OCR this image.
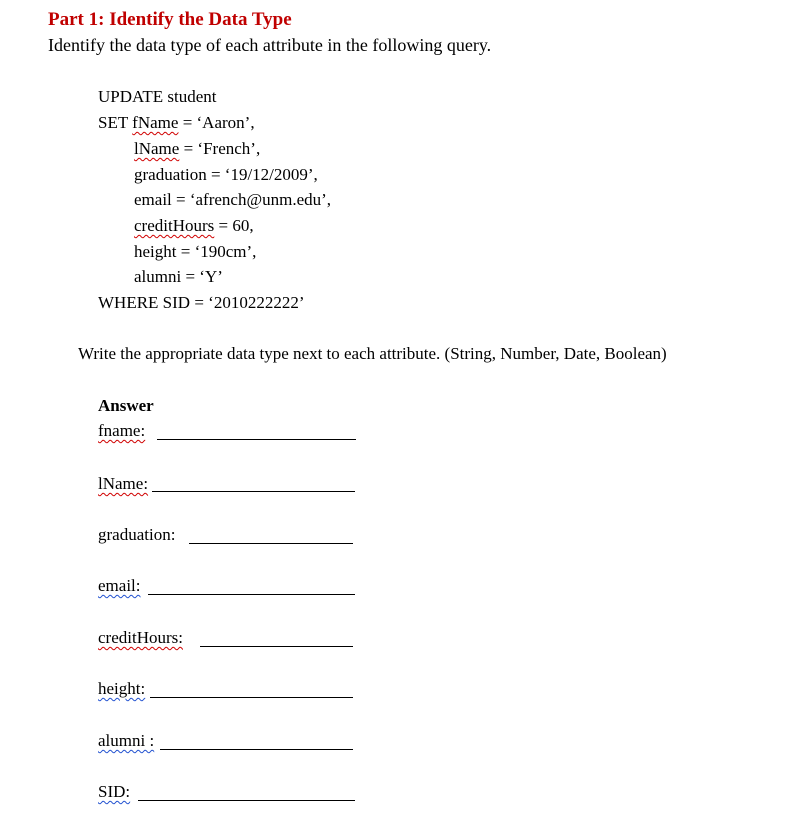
Part 1: Identify the Data Type
Identify the data type of each attribute in the following query.
UPDATE student
SET fName = ‘Aaron’,
lName = ‘French’,
graduation = ‘19/12/2009’,
email = ‘afrench@unm.edu’,
creditHours = 60,
height = ‘190cm’,
alumni = ‘Y’
WHERE SID = ‘2010222222’
Write the appropriate data type next to each attribute. (String, Number, Date, Boolean)
Answer
fname:
lName:
graduation:
email:
creditHours:
height:
alumni :
SID:
